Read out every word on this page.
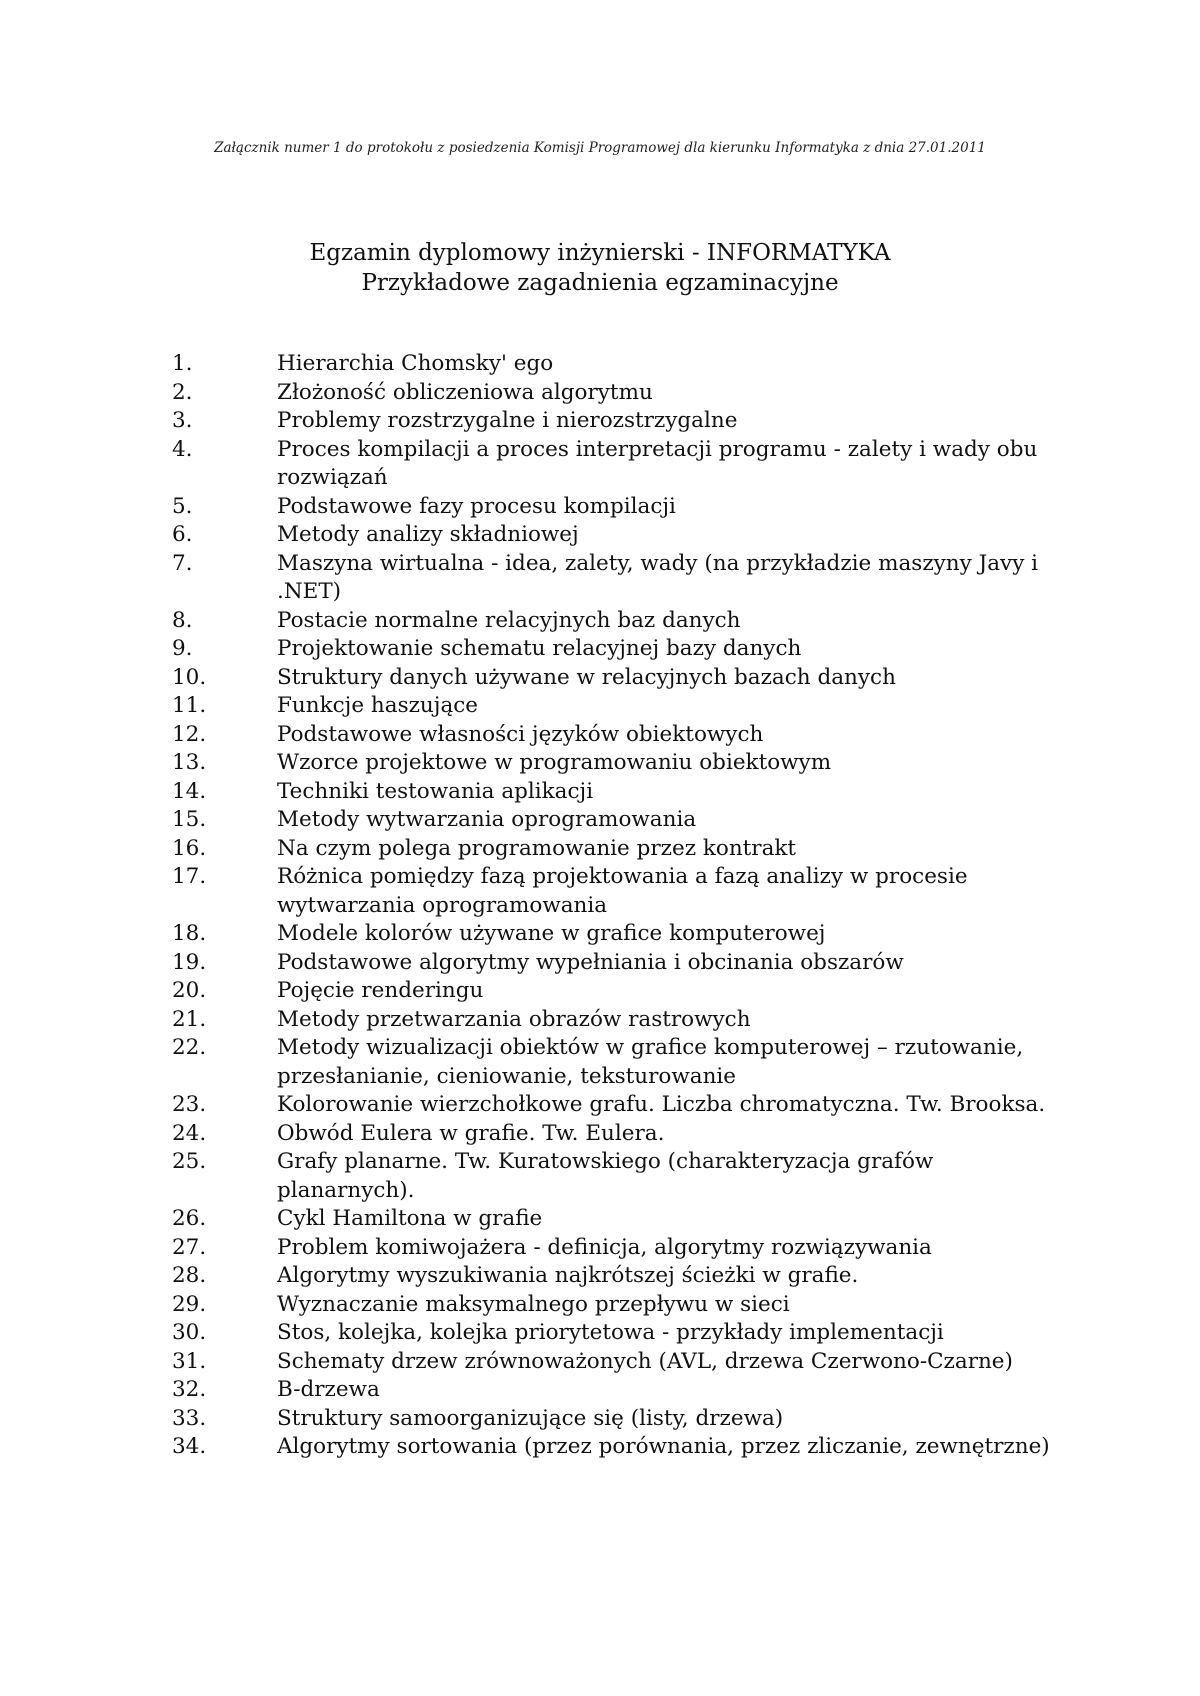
Załącznik numer 1 do protokołu z posiedzenia Komisji Programowej dla kierunku Informatyka z dnia 27.01.2011
Egzamin dyplomowy inżynierski - INFORMATYKA
Przykładowe zagadnienia egzaminacyjne
1.	Hierarchia Chomsky' ego
2.	Złożoność obliczeniowa algorytmu
3.	Problemy rozstrzygalne i nierozstrzygalne
4.	Proces kompilacji a proces interpretacji programu - zalety i wady obu rozwiązań
5.	Podstawowe fazy procesu kompilacji
6.	Metody analizy składniowej
7.	Maszyna wirtualna - idea, zalety, wady (na przykładzie maszyny Javy i .NET)
8.	Postacie normalne relacyjnych baz danych
9.	Projektowanie schematu relacyjnej bazy danych
10.	Struktury danych używane w relacyjnych bazach danych
11.	Funkcje haszujące
12.	Podstawowe własności języków obiektowych
13.	Wzorce projektowe w programowaniu obiektowym
14.	Techniki testowania aplikacji
15.	Metody wytwarzania oprogramowania
16.	Na czym polega programowanie przez kontrakt
17.	Różnica pomiędzy fazą projektowania a fazą analizy w procesie wytwarzania oprogramowania
18.	Modele kolorów używane w grafice komputerowej
19.	Podstawowe algorytmy wypełniania i obcinania obszarów
20.	Pojęcie renderingu
21.	Metody przetwarzania obrazów rastrowych
22.	Metody wizualizacji obiektów w grafice komputerowej – rzutowanie, przesłanianie, cieniowanie, teksturowanie
23.	Kolorowanie wierzchołkowe grafu. Liczba chromatyczna. Tw. Brooksa.
24.	Obwód Eulera w grafie. Tw. Eulera.
25.	Grafy planarne. Tw. Kuratowskiego (charakteryzacja grafów planarnych).
26.	Cykl Hamiltona w grafie
27.	Problem komiwojażera - definicja, algorytmy rozwiązywania
28.	Algorytmy wyszukiwania najkrótszej ścieżki w grafie.
29.	Wyznaczanie maksymalnego przepływu w sieci
30.	Stos, kolejka, kolejka priorytetowa - przykłady implementacji
31.	Schematy drzew zrównoważonych (AVL, drzewa Czerwono-Czarne)
32.	B-drzewa
33.	Struktury samoorganizujące się (listy, drzewa)
34.	Algorytmy sortowania (przez porównania, przez zliczanie, zewnętrzne)
